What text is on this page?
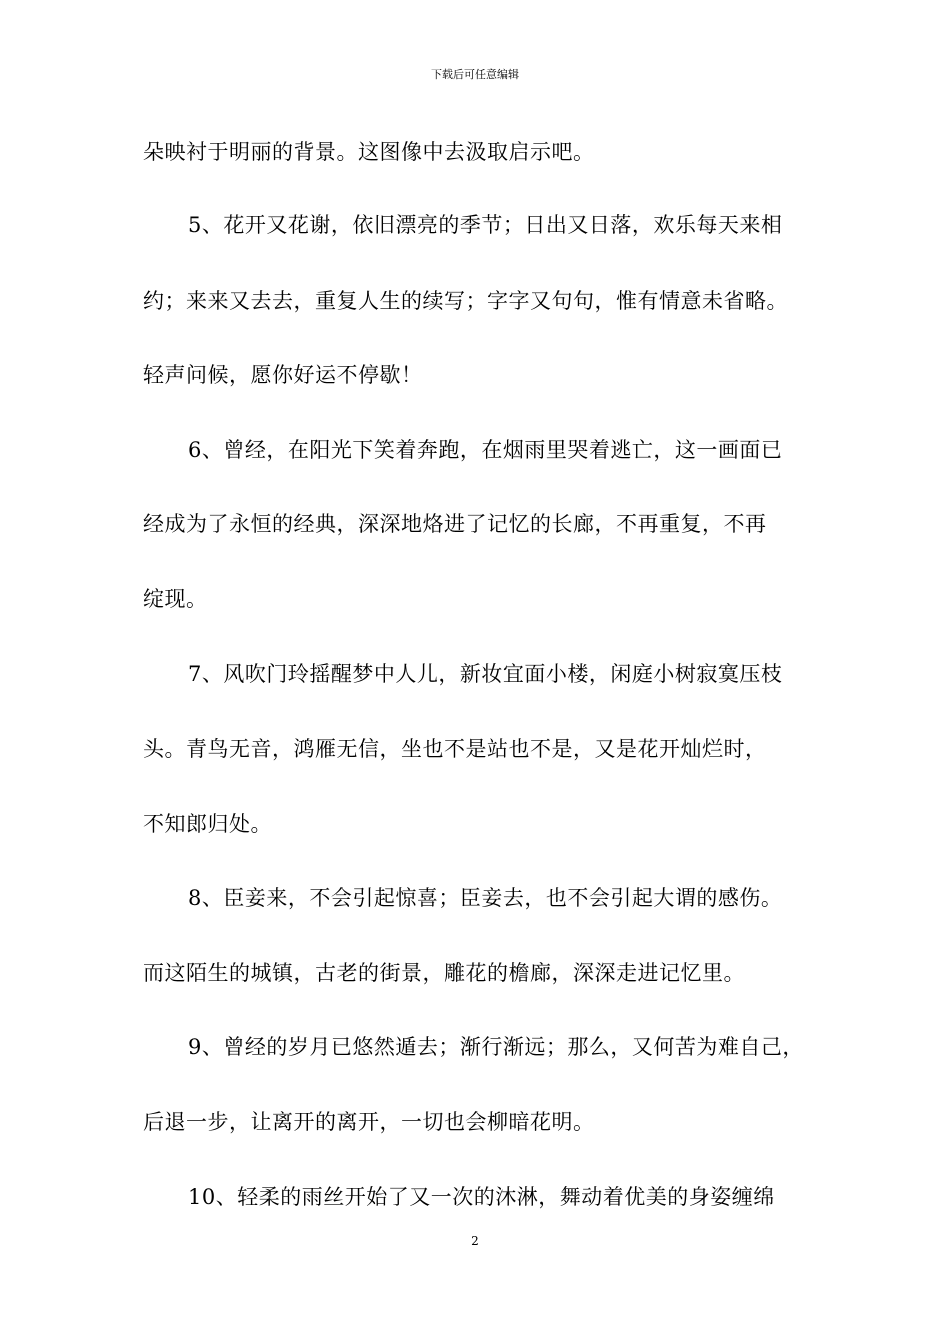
下载后可任意编辑
朵映衬于明丽的背景。这图像中去汲取启示吧。
5、花开又花谢，依旧漂亮的季节；日出又日落，欢乐每天来相
约；来来又去去，重复人生的续写；字字又句句，惟有情意未省略。
轻声问候，愿你好运不停歇！
6、曾经，在阳光下笑着奔跑，在烟雨里哭着逃亡，这一画面已
经成为了永恒的经典，深深地烙进了记忆的长廊，不再重复，不再
绽现。
7、风吹门玲摇醒梦中人儿，新妆宜面小楼，闲庭小树寂寞压枝
头。青鸟无音，鸿雁无信，坐也不是站也不是，又是花开灿烂时，
不知郎归处。
8、臣妾来，不会引起惊喜；臣妾去，也不会引起大谓的感伤。
而这陌生的城镇，古老的街景，雕花的檐廊，深深走进记忆里。
9、曾经的岁月已悠然遁去；渐行渐远；那么，又何苦为难自己，
后退一步，让离开的离开，一切也会柳暗花明。
10、轻柔的雨丝开始了又一次的沐淋，舞动着优美的身姿缠绵
2
